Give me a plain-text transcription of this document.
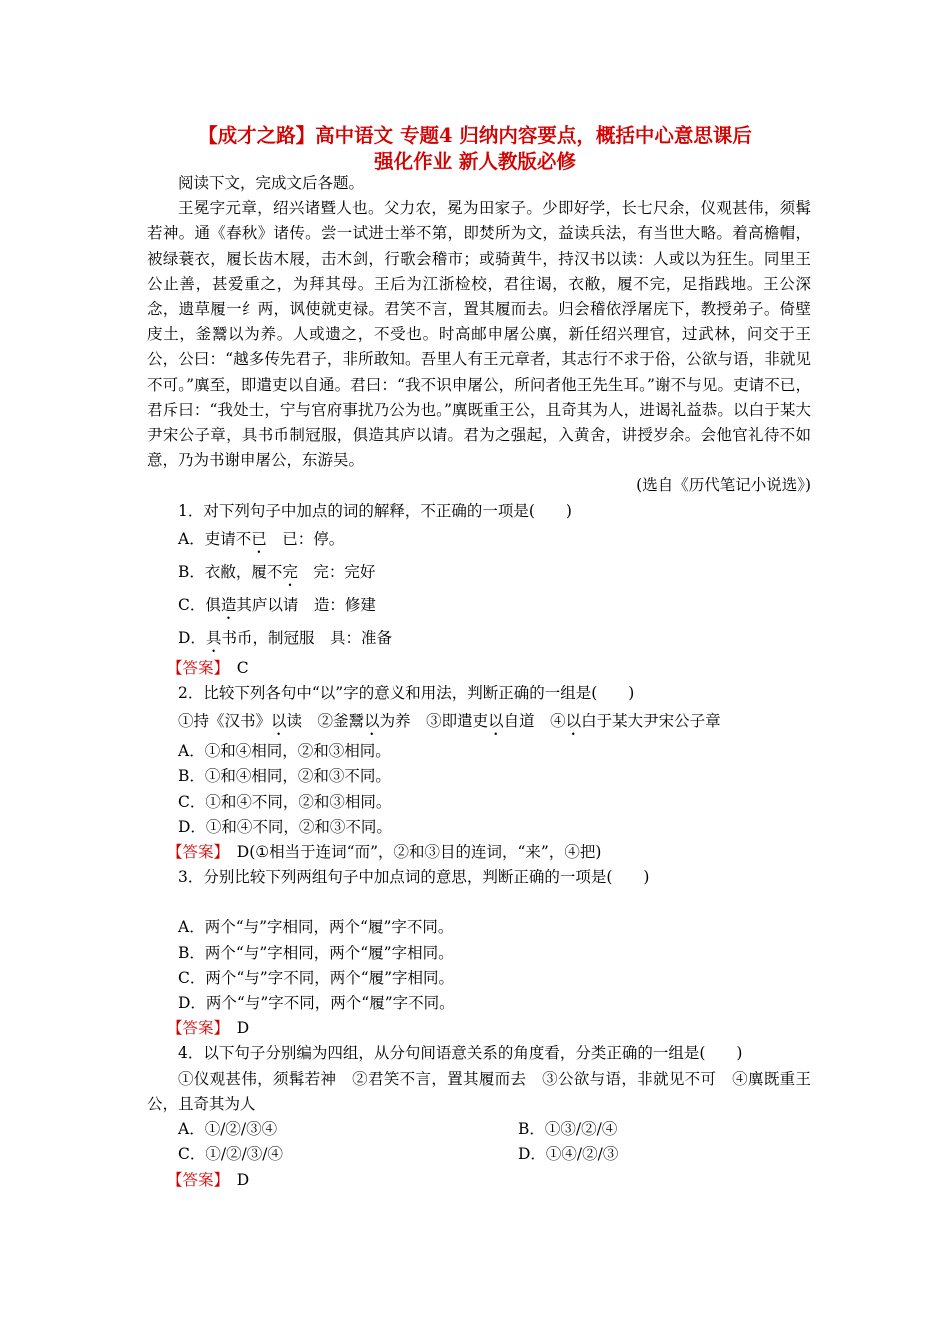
【成才之路】高中语文 专题4 归纳内容要点，概括中心意思课后
强化作业 新人教版必修

阅读下文，完成文后各题。

王冕字元章，绍兴诸暨人也。父力农，冕为田家子。少即好学，长七尺余，仪观甚伟，须髯若神。通《春秋》诸传。尝一试进士举不第，即焚所为文，益读兵法，有当世大略。着高檐帽，被绿蓑衣，履长齿木屐，击木剑，行歌会稽市；或骑黄牛，持汉书以读：人或以为狂生。同里王公止善，甚爱重之，为拜其母。王后为江浙检校，君往谒，衣敝，履不完，足指践地。王公深念，遗草履一纟两，讽使就吏禄。君笑不言，置其履而去。归会稽依浮屠庑下，教授弟子。倚壁庋土，釜鬵以为养。人或遗之，不受也。时高邮申屠公廙，新任绍兴理官，过武林，问交于王公，公曰：“越多传先君子，非所敢知。吾里人有王元章者，其志行不求于俗，公欲与语，非就见不可。”廙至，即遣吏以自通。君曰：“我不识申屠公，所问者他王先生耳。”谢不与见。吏请不已，君斥曰：“我处士，宁与官府事扰乃公为也。”廙既重王公，且奇其为人，进谒礼益恭。以白于某大尹宋公子章，具书币制冠服，俱造其庐以请。君为之强起，入黄舍，讲授岁余。会他官礼待不如意，乃为书谢申屠公，东游吴。

(选自《历代笔记小说选》)

1．对下列句子中加点的词的解释，不正确的一项是(　　)

A．吏请不已　已：停。

B．衣敝，履不完　完：完好

C．俱造其庐以请　造：修建

D．具书币，制冠服　具：准备

【答案】　 C

2．比较下列各句中“以”字的意义和用法，判断正确的一组是(　　)

①持《汉书》以读　②釜鬵以为养　③即遣吏以自道　④以白于某大尹宋公子章

A．①和④相同，②和③相同。

B．①和④相同，②和③不同。

C．①和④不同，②和③相同。

D．①和④不同，②和③不同。

【答案】　 D(①相当于连词“而”，②和③目的连词，“来”，④把)

3．分别比较下列两组句子中加点词的意思，判断正确的一项是(　　)

A．两个“与”字相同，两个“履”字不同。

B．两个“与”字相同，两个“履”字相同。

C．两个“与”字不同，两个“履”字相同。

D．两个“与”字不同，两个“履”字不同。

【答案】　 D

4．以下句子分别编为四组，从分句间语意关系的角度看，分类正确的一组是(　　)

①仪观甚伟，须髯若神　②君笑不言，置其履而去　③公欲与语，非就见不可　④廙既重王公，且奇其为人

A．①/②/③④	B．①③/②/④
C．①/②/③/④	D．①④/②/③

【答案】　 D
